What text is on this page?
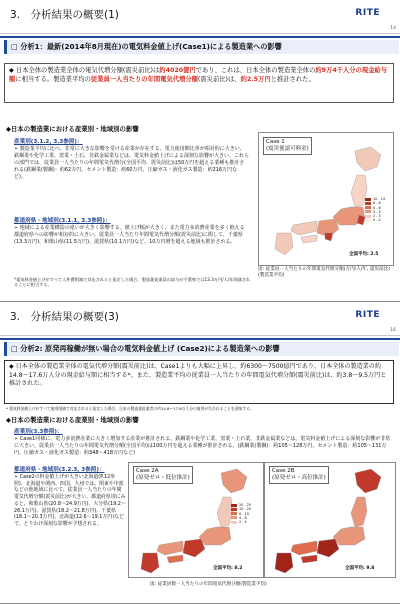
3.　分析結果の概要(1)	RITE
14
□ 分析1：最新(2014年8月現在)の電気料金値上げ(Case1)による製造業への影響
◆ 日本全体の製造業全体の電気代増分額(震災前比)は約4020億円であり、これは、日本全体の製造業全体の約9万4千人分の現金給与額に相当する。製造業平均の従業員一人当たりの年間電気代増分額(震災前比)は、約2.5万円と推計された。
◆日本の製造業における産業別・地域別の影響
産業別(3.1.2, 3.3参照)：
➢ 製造業平均に比べ、非常に大きな影響を受ける産業が存在する。電力使用額比率が相対的に大きい、鉄鋼業や化学工業、窯業・土石、非鉄金属業などは、電気料金値上げによる深刻な影響が大きい。これらの部門では、従業員一人当たりの年間電気代増分(全国平均、震災前比)は50万円を超える業種も推計される(鉄鋼業(製鋼)：約62万円、セメント製造：約60万円、圧縮ガス・液化ガス製造：約216万円など)。
都道府県・地域別(3.1.1, 3.3参照)：
➢ 地域による産業構造の違いが大きく影響する。値上げ幅が大きく、また電力多消費産業を多く抱える都道府県への影響が相対的に大きい。従業員一人当たり年間電気代増分額(震災前比)に関して、千葉県(13.3万円)、和歌山県(11.5万円)、滋賀県(10.1万円)など、10万円増を超える地域も推計される。
*電気料金値上げがすべて人件費削減で対応されると仮定した場合、製造業従業員の給与が千葉県では13.3万円/人/年削減されることに相当する。
Case 1
(震災後認可料金)
10 - 14
6 - 8
4 - 6
3 - 4
2 - 3
0 - 2
全国平均: 2.5
図: 従業員一人当たりの年間電気代増分額(万円/人/年, 震災前比)(製造業平均)
3.　分析結果の概要(3)	RITE
16
□ 分析2: 原発再稼働が無い場合の電気料金値上げ (Case2)による製造業への影響
◆ 日本全体の製造業全体の電気代増分額(震災前比)は、Case1よりも大幅に上昇し、約6300〜7500億円であり、日本全体の製造業の約14.8〜17.6万人分の現金給与額に相当する*。また、製造業平均の従業員一人当たりの年間電気代増分額(震災前比)は、約3.8〜9.5万円と推計された。
* 電気料金値上げがすべて雇用削減で対応されると仮定した場合、日本の製造業従業者の約14.8〜17.6万人分の雇用が失われることを意味する。
◆日本の製造業における産業別・地域別の影響
産業別(3.3参照)：
➢ Case1同様に、電力多消費産業に大きく増加する産業が推計される。鉄鋼業や化学工業、窯業・土石業、非鉄金属業などは、電気料金値上げによる深刻な影響が非常に大きい。従業員一人当たりの年間電気代増分額(全国平均)は100万円を超える業種が推計される。(鉄鋼業(製鋼)：約105〜128万円、セメント製造：約105〜131万円、圧縮ガス・液化ガス製造：約348〜418万円など)
都道府県・地域別(3.2.3, 3参照)：
➢ Case2の料金値上げが大きい北海道(P.12参照)、北海道や関西、四国、九州では、関東や中部などの他地域に比べて、従業員一人当たりの年間電気代増分額(震災前比)が大きい。都道府県別にみると、和歌山県(20.8〜24.9万円)、大分県(19.2〜26.1万円)、滋賀県(18.2〜21.8万円)、千葉県(18.1〜20.3万円)、北海道(12.6〜19.1万円)などで、とりわけ深刻な影響が予想される。
Case 2A
(原発ゼロ・低位推計)
20 - 25
10 - 20
6 - 10
4 - 6
2 - 4
全国平均: 8.2
Case 2B
(原発ゼロ・高位推計)
全国平均: 9.8
図: 従業員数一人当たりの年間電気代増分額(製造業平均)
